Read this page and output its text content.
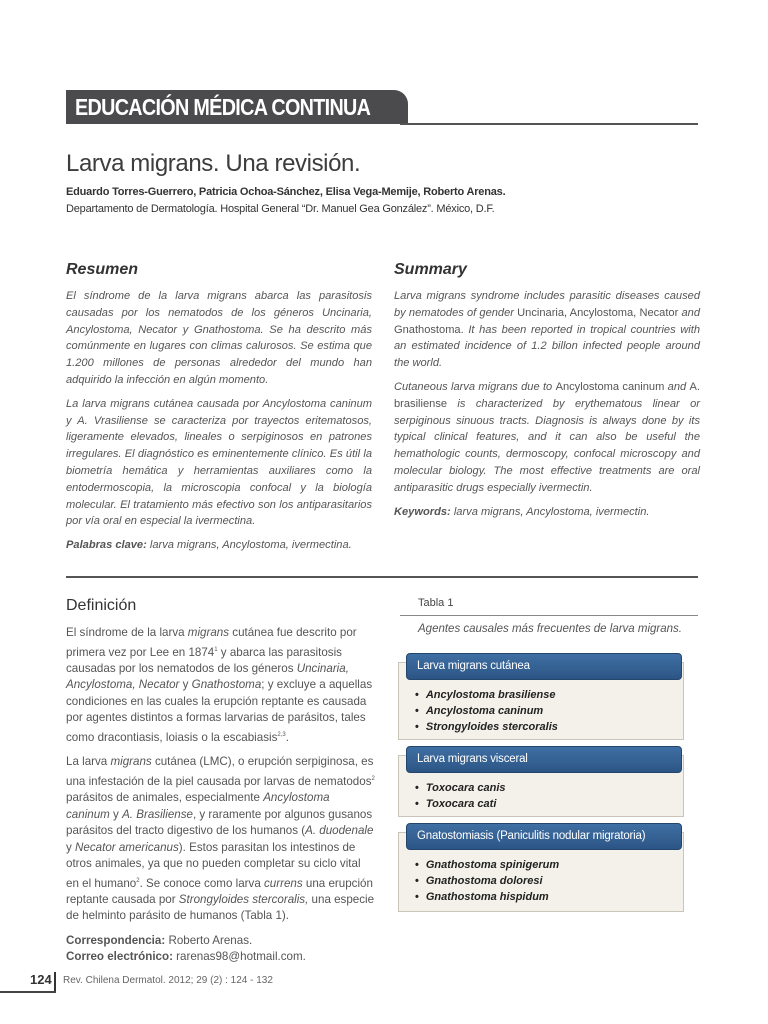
EDUCACIÓN MÉDICA CONTINUA
Larva migrans. Una revisión.
Eduardo Torres-Guerrero, Patricia Ochoa-Sánchez, Elisa Vega-Memije, Roberto Arenas.
Departamento de Dermatología. Hospital General “Dr. Manuel Gea González”. México, D.F.
Resumen

El síndrome de la larva migrans abarca las parasitosis causadas por los nematodos de los géneros Uncinaria, Ancylostoma, Necator y Gnathostoma. Se ha descrito más comúnmente en lugares con climas calurosos. Se estima que 1.200 millones de personas alrededor del mundo han adquirido la infección en algún momento.

La larva migrans cutánea causada por Ancylostoma caninum y A. Vrasiliense se caracteriza por trayectos eritematosos, ligeramente elevados, lineales o serpiginosos en patrones irregulares. El diagnóstico es eminentemente clínico. Es útil la biometría hemática y herramientas auxiliares como la entodermoscopia, la microscopia confocal y la biología molecular. El tratamiento más efectivo son los antiparasitarios por vía oral en especial la ivermectina.

Palabras clave: larva migrans, Ancylostoma, ivermectina.

Summary

Larva migrans syndrome includes parasitic diseases caused by nematodes of gender Uncinaria, Ancylostoma, Necator and Gnathostoma. It has been reported in tropical countries with an estimated incidence of 1.2 billon infected people around the world.

Cutaneous larva migrans due to Ancylostoma caninum and A. brasiliense is characterized by erythematous linear or serpiginous sinuous tracts. Diagnosis is always done by its typical clinical features, and it can also be useful the hemathologic counts, dermoscopy, confocal microscopy and molecular biology. The most effective treatments are oral antiparasitic drugs especially ivermectin.

Keywords: larva migrans, Ancylostoma, ivermectin.

Definición

El síndrome de la larva migrans cutánea fue descrito por primera vez por Lee en 1874$^1$ y abarca las parasitosis causadas por los nematodos de los géneros Uncinaria, Ancylostoma, Necator y Gnathostoma; y excluye a aquellas condiciones en las cuales la erupción reptante es causada por agentes distintos a formas larvarias de parásitos, tales como dracontiasis, loiasis o la escabiasis$^{2,3}$.

La larva migrans cutánea (LMC), o erupción serpiginosa, es una infestación de la piel causada por larvas de nematodos$^2$ parásitos de animales, especialmente Ancylostoma caninum y A. Brasiliense, y raramente por algunos gusanos parásitos del tracto digestivo de los humanos (A. duodenale y Necator americanus). Estos parasitan los intestinos de otros animales, ya que no pueden completar su ciclo vital en el humano$^2$. Se conoce como larva currens una erupción reptante causada por Strongyloides stercoralis, una especie de helminto parásito de humanos (Tabla 1).

Correspondencia: Roberto Arenas.
Correo electrónico: rarenas98@hotmail.com.
Tabla 1
Agentes causales más frecuentes de larva migrans.
Larva migrans cutánea
• Ancylostoma brasiliense
• Ancylostoma caninum
• Strongyloides stercoralis
Larva migrans visceral
• Toxocara canis
• Toxocara cati
Gnatostomiasis (Paniculitis nodular migratoria)
• Gnathostoma spinigerum
• Gnathostoma doloresi
• Gnathostoma hispidum
124 Rev. Chilena Dermatol. 2012; 29 (2) : 124 - 132
